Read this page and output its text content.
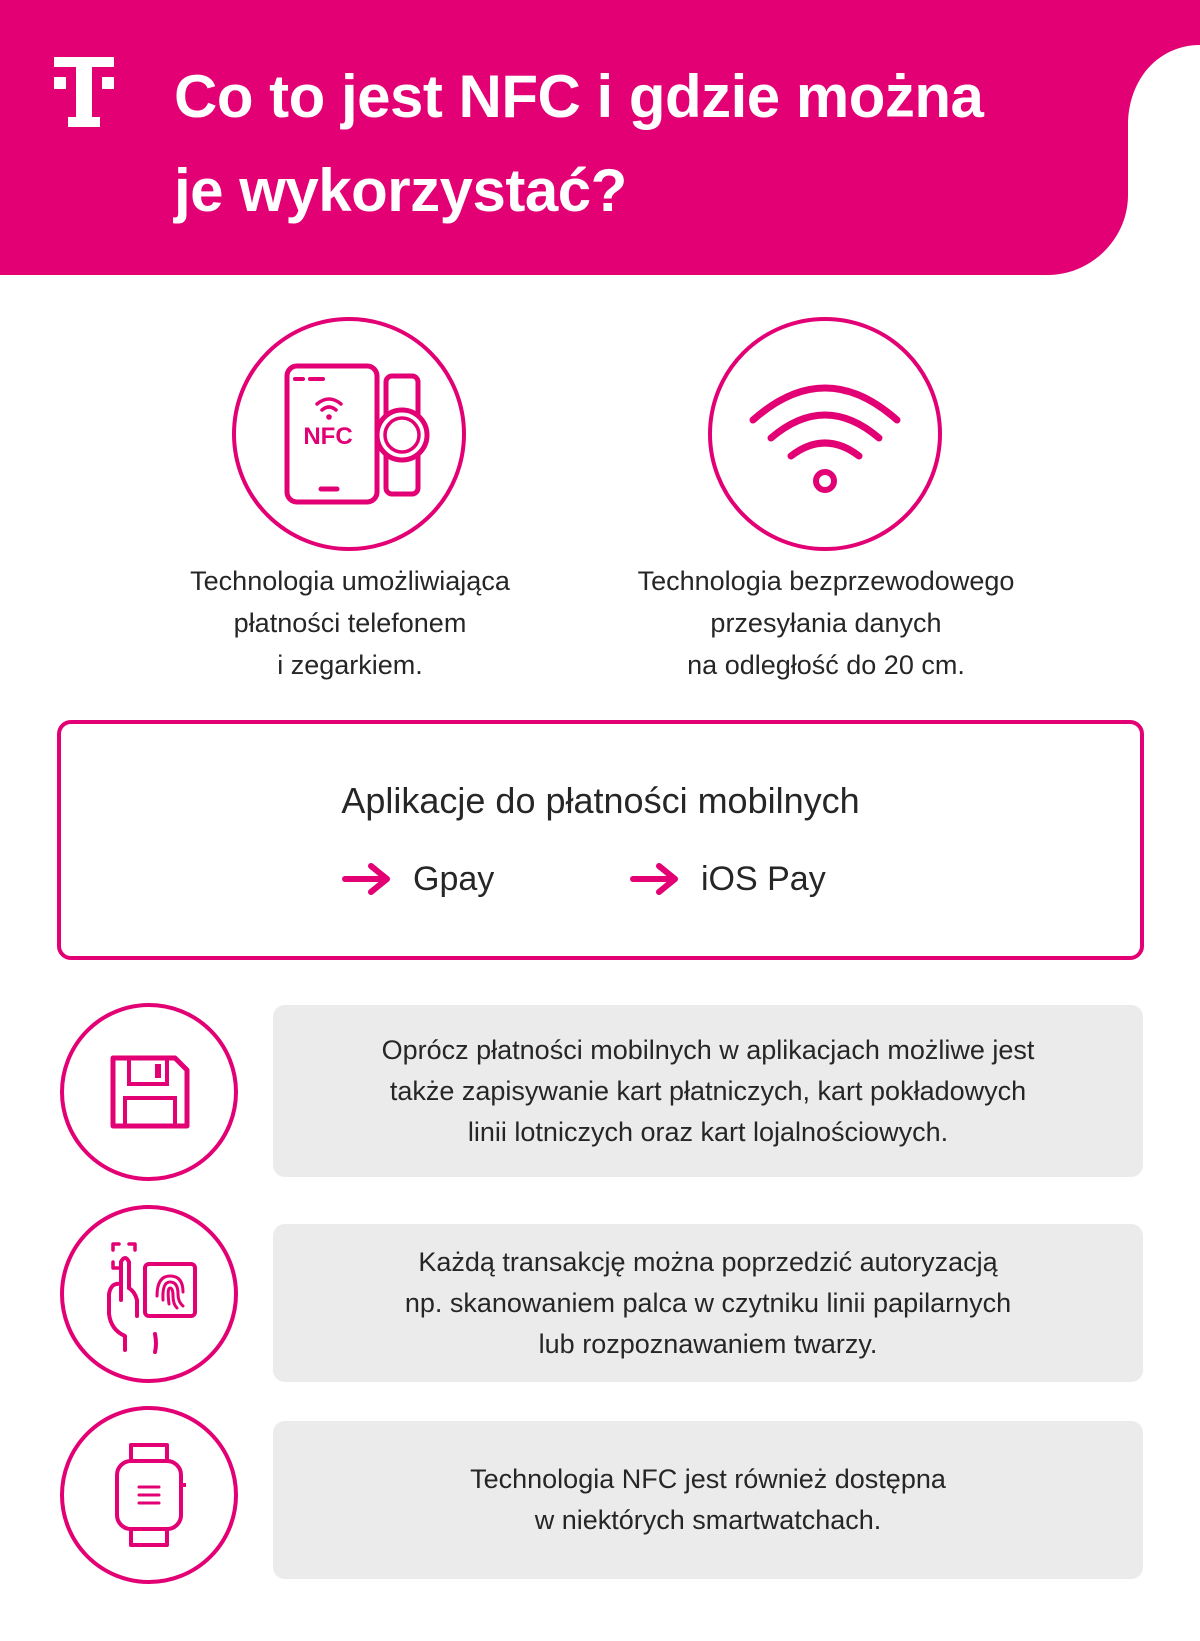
Co to jest NFC i gdzie można
je wykorzystać?
NFC
Technologia umożliwiająca
płatności telefonem
i zegarkiem.
Technologia bezprzewodowego
przesyłania danych
na odległość do 20 cm.
Aplikacje do płatności mobilnych
Gpay	iOS Pay
Oprócz płatności mobilnych w aplikacjach możliwe jest
także zapisywanie kart płatniczych, kart pokładowych
linii lotniczych oraz kart lojalnościowych.
Każdą transakcję można poprzedzić autoryzacją
np. skanowaniem palca w czytniku linii papilarnych
lub rozpoznawaniem twarzy.
Technologia NFC jest również dostępna
w niektórych smartwatchach.
